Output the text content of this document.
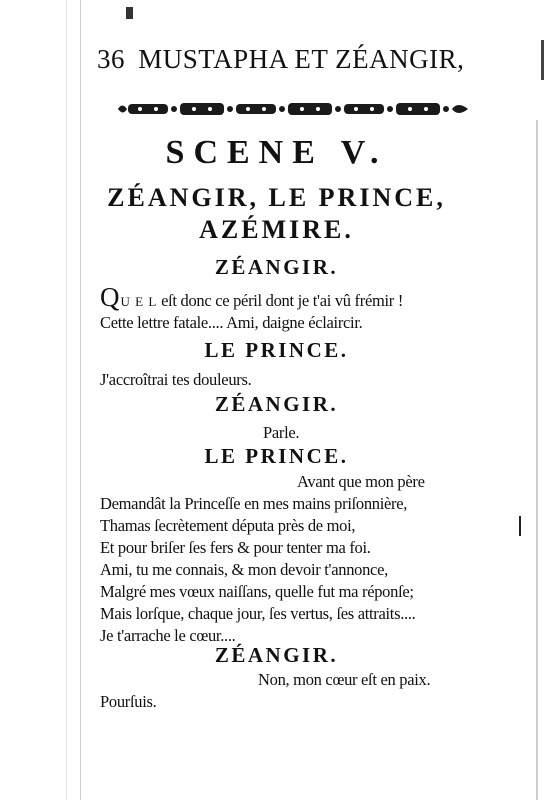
36 MUSTAPHA ET ZÉANGIR,
SCENE V.
ZÉANGIR, LE PRINCE,
AZÉMIRE.
ZÉANGIR.
QU E L eſt donc ce péril dont je t'ai vû frémir !
Cette lettre fatale.... Ami, daigne éclaircir.
LE PRINCE.
J'accroîtrai tes douleurs.
ZÉANGIR.
Parle.
LE PRINCE.
Avant que mon père
Demandât la Princeſſe en mes mains priſonnière,
Thamas ſecrètement députa près de moi,
Et pour briſer ſes fers & pour tenter ma foi.
Ami, tu me connais, & mon devoir t'annonce,
Malgré mes vœux naiſſans, quelle fut ma réponſe;
Mais lorſque, chaque jour, ſes vertus, ſes attraits....
Je t'arrache le cœur....
ZÉANGIR.
Non, mon cœur eſt en paix.
Pourſuis.
